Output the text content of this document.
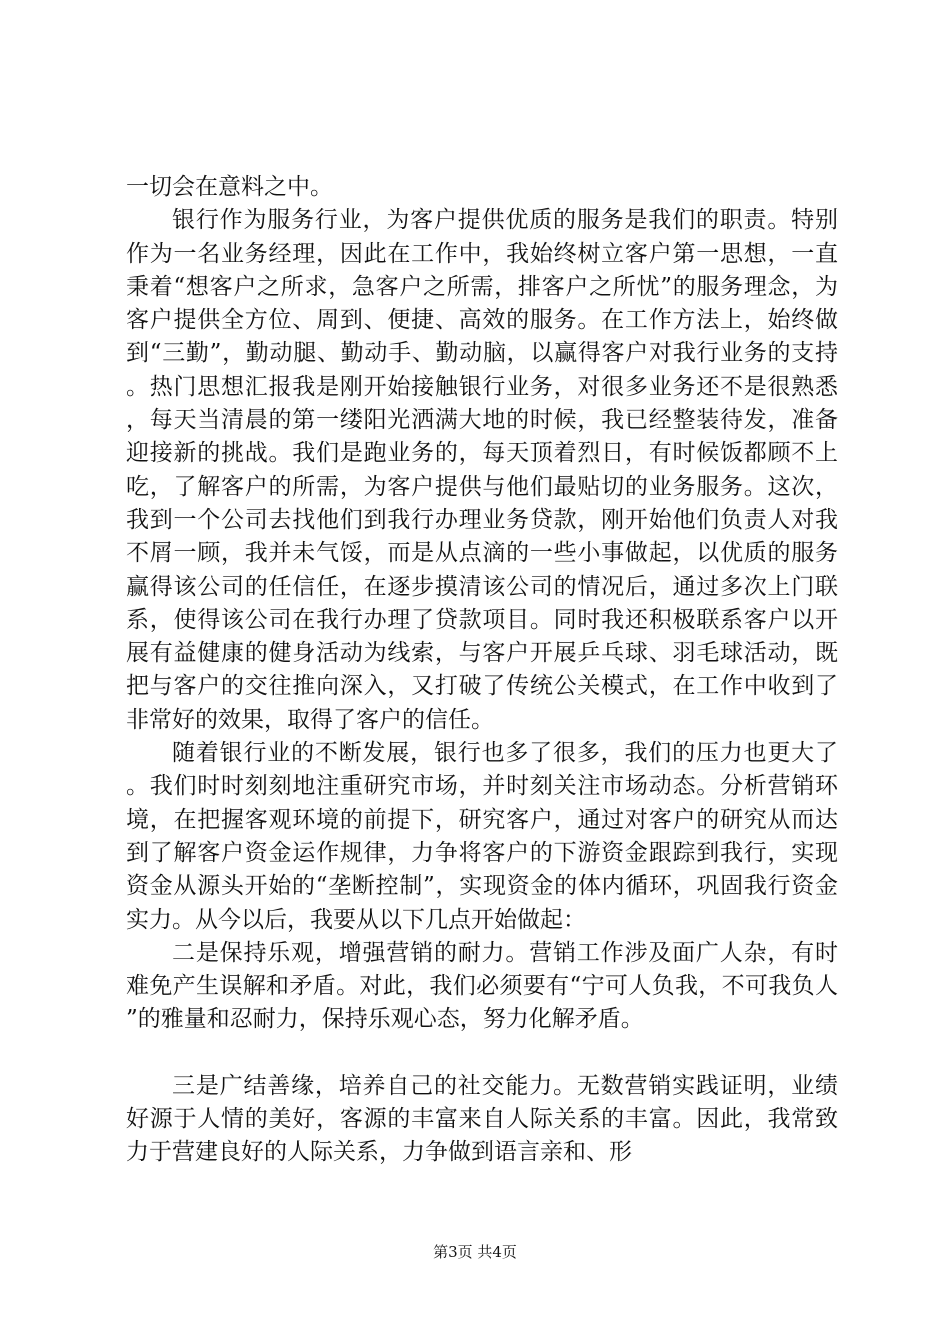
一切会在意料之中。

银行作为服务行业，为客户提供优质的服务是我们的职责。特别作为一名业务经理，因此在工作中，我始终树立客户第一思想，一直秉着“想客户之所求，急客户之所需，排客户之所忧”的服务理念，为客户提供全方位、周到、便捷、高效的服务。在工作方法上，始终做到“三勤”，勤动腿、勤动手、勤动脑，以赢得客户对我行业务的支持。热门思想汇报我是刚开始接触银行业务，对很多业务还不是很熟悉，每天当清晨的第一缕阳光洒满大地的时候，我已经整装待发，准备迎接新的挑战。我们是跑业务的，每天顶着烈日，有时候饭都顾不上吃，了解客户的所需，为客户提供与他们最贴切的业务服务。这次，我到一个公司去找他们到我行办理业务贷款，刚开始他们负责人对我不屑一顾，我并未气馁，而是从点滴的一些小事做起，以优质的服务赢得该公司的任信任，在逐步摸清该公司的情况后，通过多次上门联系，使得该公司在我行办理了贷款项目。同时我还积极联系客户以开展有益健康的健身活动为线索，与客户开展乒乓球、羽毛球活动，既把与客户的交往推向深入，又打破了传统公关模式，在工作中收到了非常好的效果，取得了客户的信任。

随着银行业的不断发展，银行也多了很多，我们的压力也更大了。我们时时刻刻地注重研究市场，并时刻关注市场动态。分析营销环境，在把握客观环境的前提下，研究客户，通过对客户的研究从而达到了解客户资金运作规律，力争将客户的下游资金跟踪到我行，实现资金从源头开始的“垄断控制”，实现资金的体内循环，巩固我行资金实力。从今以后，我要从以下几点开始做起：

二是保持乐观，增强营销的耐力。营销工作涉及面广人杂，有时难免产生误解和矛盾。对此，我们必须要有“宁可人负我，不可我负人”的雅量和忍耐力，保持乐观心态，努力化解矛盾。

三是广结善缘，培养自己的社交能力。无数营销实践证明，业绩好源于人情的美好，客源的丰富来自人际关系的丰富。因此，我常致力于营建良好的人际关系，力争做到语言亲和、形

第3页 共4页
